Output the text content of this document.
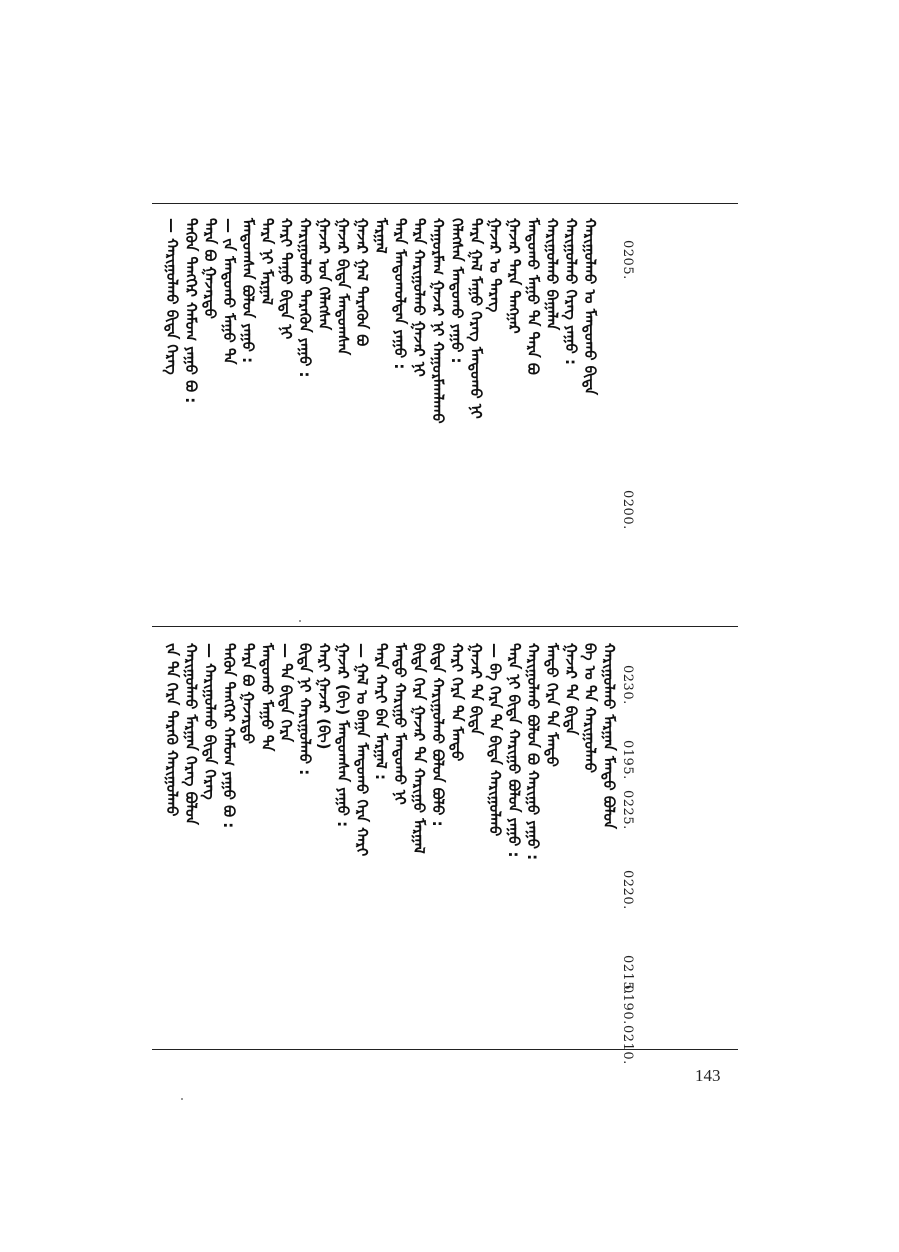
— ᠬᠠᠷᠢᠭᠤᠯᠬᠤ ᠪᠢᠳᠡ ᠬᠡᠷᠡᠭ ᠲᠡᠭᠦᠨ ᠲᠡᠩᠭᠡᠷ ᠬᠠᠮᠤᠭ ᠶᠠᠭᠤ ᠪᠤ : ᠲᠡᠷᠡ ᠪᠤ ᠭᠠᠵᠠᠷᠲᠤ — ᠵᠠ ᠮᠠᠨᠳᠤᠬᠤ ᠮᠠᠭᠤ ᠲᠠ ᠮᠠᠨᠳᠤᠭᠰᠠᠨ ᠪᠣᠯᠤᠨ ᠶᠠᠭᠤ : ᠲᠡᠷᠡ ᠨᠢ ᠮᠠᠷᠭᠠᠯ ᠬᠠᠷᠢ ᠳᠠᠭᠤ ᠪᠢᠳᠡ ᠨᠢ ᠬᠠᠷᠢᠭᠤᠯᠬᠤ ᠲᠡᠷᠡᠭᠦᠨ ᠶᠠᠭᠤ : ᠭᠠᠵᠠᠷ ᠤᠨ ᠬᠡᠯᠡᠭᠰᠡᠨ ᠭᠠᠵᠠᠷ ᠪᠢᠳᠡ ᠮᠠᠨᠳᠤᠭᠰᠠᠨ ᠭᠠᠵᠠᠷ ᠭᠠᠯ ᠲᠡᠷᠡᠭᠦᠨ ᠪᠤ ᠮᠠᠷᠭᠠᠯ ᠲᠡᠷᠡ ᠮᠠᠨᠳᠤᠬᠤᠯᠲᠠᠨ ᠶᠠᠭᠤ : ᠲᠡᠷᠡ ᠬᠠᠷᠢᠭᠤᠯᠬᠤ ᠭᠠᠵᠠᠷ ᠨᠢ ᠬᠠᠭᠤᠷᠮᠠᠭ ᠭᠠᠵᠠᠷ ᠨᠢ ᠬᠠᠭᠤᠷᠮᠠᠭᠯᠠᠬᠤ ᠬᠡᠯᠡᠭᠰᠡᠨ ᠮᠠᠨᠳᠤᠬᠤ ᠶᠠᠭᠤ : ᠲᠡᠷᠡ ᠭᠠᠯ ᠮᠠᠭᠤ ᠬᠡᠷᠡᠭ ᠮᠠᠨᠳᠤᠬᠤ ᠨᠢ ᠭᠠᠵᠠᠷ ᠤ ᠲᠡᠷᠡᠭ ᠭᠠᠵᠠᠷ ᠲᠡᠷᠡ ᠲᠠᠩᠭᠠᠷ ᠮᠠᠨᠳᠤᠬᠤ ᠮᠠᠭᠤ ᠲᠠ ᠲᠡᠷᠡ ᠪᠤ ᠬᠠᠷᠢᠭᠤᠯᠬᠤ ᠪᠠᠭᠠᠯᠠᠨ ᠬᠠᠷᠢᠭᠤᠯᠬᠤ ᠬᠡᠷᠡᠭ ᠶᠠᠭᠤ : ᠬᠠᠷᠢᠭᠤᠯᠬᠤ ᠤ ᠮᠠᠨᠳᠤᠬᠤ ᠪᠢᠳᠡ 0205.
0200.
0195.
0190.
ᠵᠠ ᠲᠠ ᠬᠡᠷᠡ ᠲᠡᠷᠡᠭᠦ ᠬᠠᠷᠢᠭᠤᠯᠬᠤ ᠬᠠᠷᠢᠭᠤᠯᠬᠤ ᠮᠠᠷᠭᠠᠨ ᠬᠡᠷᠡᠭ ᠪᠣᠯᠤᠨ — ᠬᠠᠷᠢᠭᠤᠯᠬᠤ ᠪᠢᠳᠡ ᠬᠡᠷᠡᠭ ᠲᠡᠭᠦᠨ ᠲᠡᠩᠭᠡᠷ ᠬᠠᠮᠤᠭ ᠶᠠᠭᠤ ᠪᠤ : ᠲᠡᠷᠡ ᠪᠤ ᠭᠠᠵᠠᠷᠲᠤ ᠮᠠᠨᠳᠤᠬᠤ ᠮᠠᠭᠤ ᠲᠠ — ᠲᠠ ᠪᠢᠳᠡ ᠬᠡᠷᠡ ᠪᠢᠳᠡ ᠨᠢ ᠬᠠᠷᠢᠭᠤᠯᠬᠤ : ᠬᠠᠷᠢ ᠭᠠᠵᠠᠷ (ᠪᠢ) ᠭᠠᠵᠠᠷ (ᠪᠢ) ᠮᠠᠨᠳᠤᠭᠰᠠᠨ ᠶᠠᠭᠤ : — ᠭᠠᠯ ᠤ ᠪᠠᠭᠠ ᠮᠠᠨᠳᠤᠬᠤ ᠬᠡᠷᠡ ᠬᠠᠷᠢ ᠲᠡᠷᠡ ᠬᠠᠷᠢ ᠪᠠᠨ ᠮᠠᠷᠭᠠᠯ : ᠮᠠᠨᠳᠤ ᠬᠠᠷᠢᠭᠤ ᠮᠠᠨᠳᠤᠬᠤ ᠨᠢ ᠪᠢᠳᠡ ᠬᠡᠷᠡ ᠭᠠᠵᠠᠷ ᠲᠠ ᠬᠠᠷᠢᠭᠤ ᠮᠠᠷᠭᠠᠯ ᠪᠢᠳᠡ ᠬᠠᠷᠢᠭᠤᠯᠬᠤ ᠪᠣᠯᠤᠨ ᠪᠣᠯᠤ : ᠬᠠᠷᠢ ᠬᠡᠷᠡ ᠲᠠ ᠮᠠᠨᠳᠤ ᠭᠠᠵᠠᠷ ᠲᠠ ᠪᠢᠳᠡ — ᠪᠠ ᠬᠡᠷᠡ ᠲᠠ ᠪᠢᠳᠡ ᠬᠠᠷᠢᠭᠤᠯᠬᠤ ᠲᠡᠷᠡ ᠨᠢ ᠪᠢᠳᠡ ᠬᠠᠷᠢᠭᠤ ᠪᠣᠯᠤᠨ ᠶᠠᠭᠤ : ᠬᠠᠷᠢᠭᠤᠯᠬᠤ ᠪᠣᠯᠤᠨ ᠪᠤ ᠬᠠᠷᠢᠭᠤ ᠶᠠᠭᠤ : ᠮᠠᠨᠳᠤ ᠬᠡᠷᠡ ᠲᠠ ᠮᠠᠨᠳᠤ ᠭᠠᠵᠠᠷ ᠲᠠ ᠪᠢᠳᠡ ᠪᠠ ᠤ ᠲᠠ ᠬᠠᠷᠢᠭᠤᠯᠬᠤ ᠬᠠᠷᠢᠭᠤᠯᠬᠤ ᠮᠠᠷᠭᠠᠨ ᠮᠠᠨᠳᠤ ᠪᠣᠯᠤᠨ 0230.
0225.
0220.
0215.
0210.
143
